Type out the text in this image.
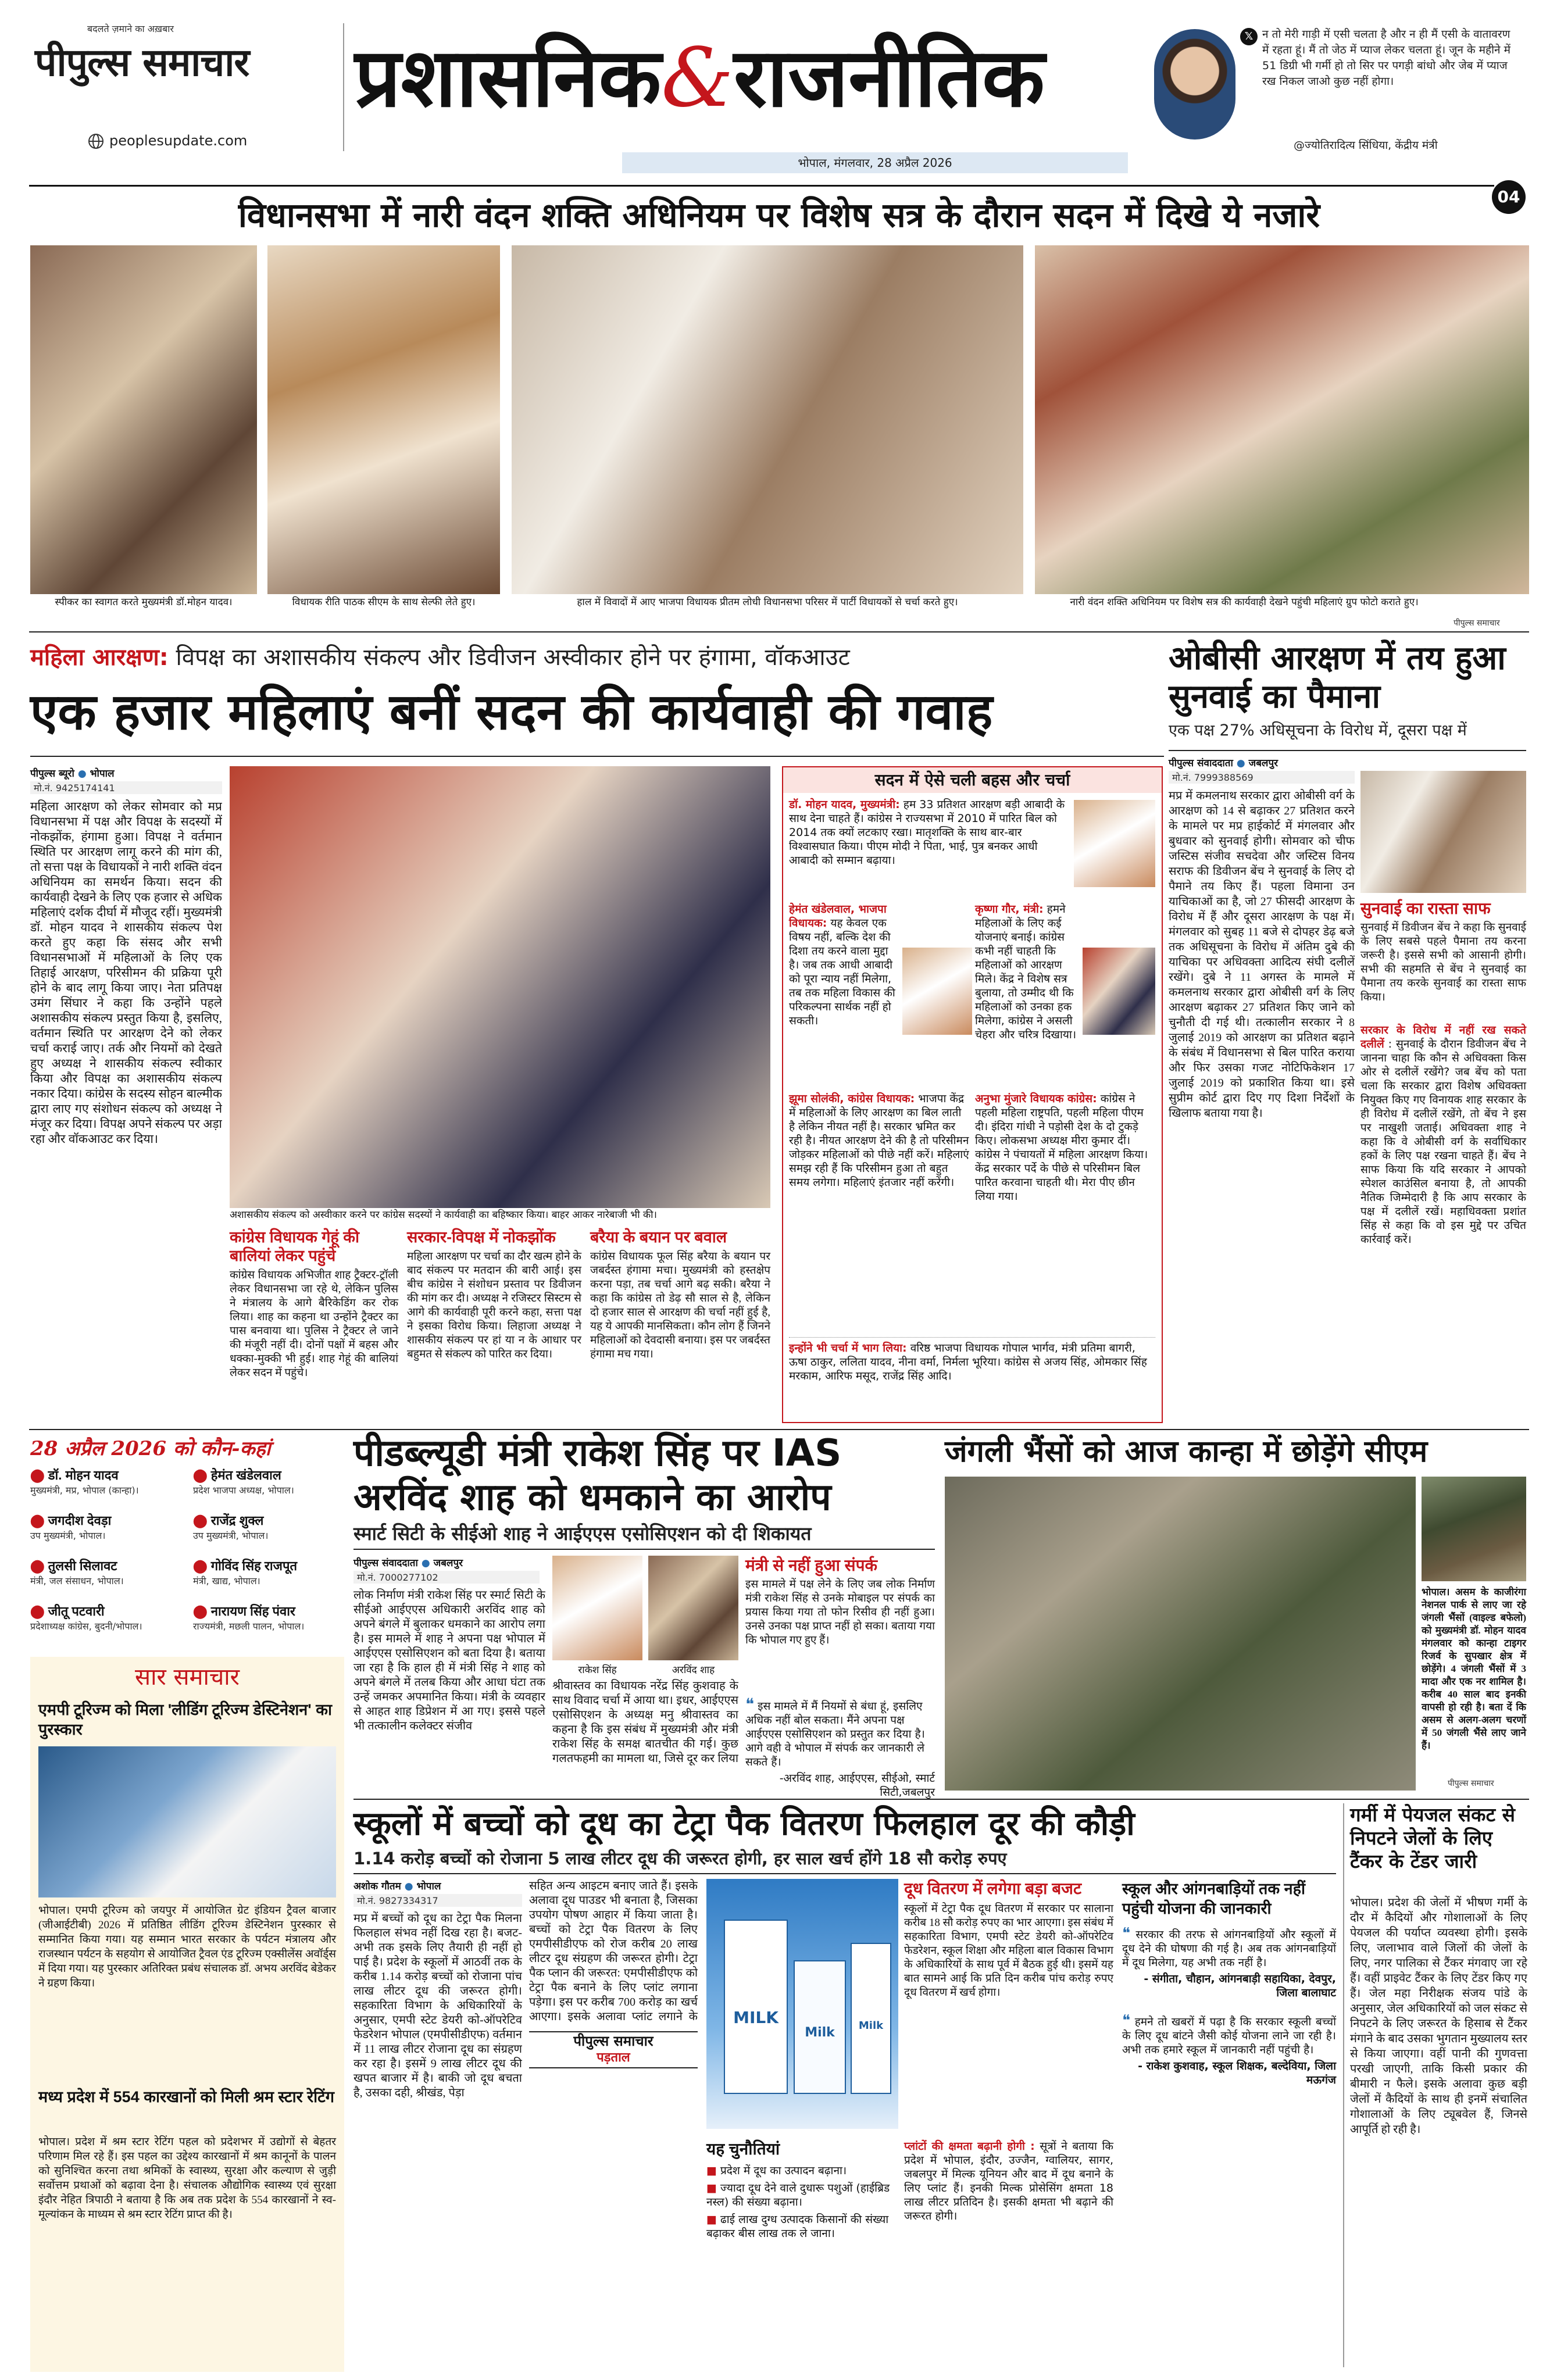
बदलते ज़माने का अख़बार
पीपुल्स समाचार
peoplesupdate.com
प्रशासनिक&राजनीतिक
भोपाल, मंगलवार, 28 अप्रैल 2026
𝕏 न तो मेरी गाड़ी में एसी चलता है और न ही मैं एसी के वातावरण में रहता हूं। मैं तो जेठ में प्याज लेकर चलता हूं। जून के महीने में 51 डिग्री भी गर्मी हो तो सिर पर पगड़ी बांधो और जेब में प्याज रख निकल जाओ कुछ नहीं होगा।
@ज्योतिरादित्य सिंधिया, केंद्रीय मंत्री
04
विधानसभा में नारी वंदन शक्ति अधिनियम पर विशेष सत्र के दौरान सदन में दिखे ये नजारे
स्पीकर का स्वागत करते मुख्यमंत्री डॉ.मोहन यादव।	विधायक रीति पाठक सीएम के साथ सेल्फी लेते हुए।	हाल में विवादों में आए भाजपा विधायक प्रीतम लोधी विधानसभा परिसर में पार्टी विधायकों से चर्चा करते हुए।	नारी वंदन शक्ति अधिनियम पर विशेष सत्र की कार्यवाही देखने पहुंची महिलाएं ग्रुप फोटो कराते हुए।
पीपुल्स समाचार
महिला आरक्षण: विपक्ष का अशासकीय संकल्प और डिवीजन अस्वीकार होने पर हंगामा, वॉकआउट
एक हजार महिलाएं बनीं सदन की कार्यवाही की गवाह
पीपुल्स ब्यूरो ● भोपाल
मो.नं. 9425174141
महिला आरक्षण को लेकर सोमवार को मप्र विधानसभा में पक्ष और विपक्ष के सदस्यों में नोकझोंक, हंगामा हुआ। विपक्ष ने वर्तमान स्थिति पर आरक्षण लागू करने की मांग की, तो सत्ता पक्ष के विधायकों ने नारी शक्ति वंदन अधिनियम का समर्थन किया। सदन की कार्यवाही देखने के लिए एक हजार से अधिक महिलाएं दर्शक दीर्घा में मौजूद रहीं। मुख्यमंत्री डॉ. मोहन यादव ने शासकीय संकल्प पेश करते हुए कहा कि संसद और सभी विधानसभाओं में महिलाओं के लिए एक तिहाई आरक्षण, परिसीमन की प्रक्रिया पूरी होने के बाद लागू किया जाए। नेता प्रतिपक्ष उमंग सिंघार ने कहा कि उन्होंने पहले अशासकीय संकल्प प्रस्तुत किया है, इसलिए, वर्तमान स्थिति पर आरक्षण देने को लेकर चर्चा कराई जाए। तर्क और नियमों को देखते हुए अध्यक्ष ने शासकीय संकल्प स्वीकार किया और विपक्ष का अशासकीय संकल्प नकार दिया। कांग्रेस के सदस्य सोहन बाल्मीक द्वारा लाए गए संशोधन संकल्प को अध्यक्ष ने मंजूर कर दिया। विपक्ष अपने संकल्प पर अड़ा रहा और वॉकआउट कर दिया।
अशासकीय संकल्प को अस्वीकार करने पर कांग्रेस सदस्यों ने कार्यवाही का बहिष्कार किया। बाहर आकर नारेबाजी भी की।
कांग्रेस विधायक गेहूं की बालियां लेकर पहुंचे
कांग्रेस विधायक अभिजीत शाह ट्रैक्टर-ट्रॉली लेकर विधानसभा जा रहे थे, लेकिन पुलिस ने मंत्रालय के आगे बैरिकेडिंग कर रोक लिया। शाह का कहना था उन्होंने ट्रैक्टर का पास बनवाया था। पुलिस ने ट्रैक्टर ले जाने की मंजूरी नहीं दी। दोनों पक्षों में बहस और धक्का-मुक्की भी हुई। शाह गेहूं की बालियां लेकर सदन में पहुंचे।
सरकार-विपक्ष में नोकझोंक
महिला आरक्षण पर चर्चा का दौर खत्म होने के बाद संकल्प पर मतदान की बारी आई। इस बीच कांग्रेस ने संशोधन प्रस्ताव पर डिवीजन की मांग कर दी। अध्यक्ष ने रजिस्टर सिस्टम से आगे की कार्यवाही पूरी करने कहा, सत्ता पक्ष ने इसका विरोध किया। लिहाजा अध्यक्ष ने शासकीय संकल्प पर हां या न के आधार पर बहुमत से संकल्प को पारित कर दिया।
बरैया के बयान पर बवाल
कांग्रेस विधायक फूल सिंह बरैया के बयान पर जबर्दस्त हंगामा मचा। मुख्यमंत्री को हस्तक्षेप करना पड़ा, तब चर्चा आगे बढ़ सकी। बरैया ने कहा कि कांग्रेस तो डेढ़ सौ साल से है, लेकिन दो हजार साल से आरक्षण की चर्चा नहीं हुई है, यह ये आपकी मानसिकता। कौन लोग हैं जिनने महिलाओं को देवदासी बनाया। इस पर जबर्दस्त हंगामा मच गया।
सदन में ऐसे चली बहस और चर्चा
डॉ. मोहन यादव, मुख्यमंत्री: हम 33 प्रतिशत आरक्षण बड़ी आबादी के साथ देना चाहते हैं। कांग्रेस ने राज्यसभा में 2010 में पारित बिल को 2014 तक क्यों लटकाए रखा। मातृशक्ति के साथ बार-बार विश्वासघात किया। पीएम मोदी ने पिता, भाई, पुत्र बनकर आधी आबादी को सम्मान बढ़ाया।
हेमंत खंडेलवाल, भाजपा विधायक: यह केवल एक विषय नहीं, बल्कि देश की दिशा तय करने वाला मुद्दा है। जब तक आधी आबादी को पूरा न्याय नहीं मिलेगा, तब तक महिला विकास की परिकल्पना सार्थक नहीं हो सकती।
कृष्णा गौर, मंत्री: हमने महिलाओं के लिए कई योजनाएं बनाई। कांग्रेस कभी नहीं चाहती कि महिलाओं को आरक्षण मिले। केंद्र ने विशेष सत्र बुलाया, तो उम्मीद थी कि महिलाओं को उनका हक मिलेगा, कांग्रेस ने असली चेहरा और चरित्र दिखाया।
झूमा सोलंकी, कांग्रेस विधायक: भाजपा केंद्र में महिलाओं के लिए आरक्षण का बिल लाती है लेकिन नीयत नहीं है। सरकार भ्रमित कर रही है। नीयत आरक्षण देने की है तो परिसीमन जोड़कर महिलाओं को पीछे नहीं करें। महिलाएं समझ रही हैं कि परिसीमन हुआ तो बहुत समय लगेगा। महिलाएं इंतजार नहीं करेंगी।
अनुभा मुंजारे विधायक कांग्रेस: कांग्रेस ने पहली महिला राष्ट्रपति, पहली महिला पीएम दी। इंदिरा गांधी ने पड़ोसी देश के दो टुकड़े किए। लोकसभा अध्यक्ष मीरा कुमार दीं। कांग्रेस ने पंचायतों में महिला आरक्षण किया। केंद्र सरकार पर्दे के पीछे से परिसीमन बिल पारित करवाना चाहती थी। मेरा पीए छीन लिया गया।
इन्होंने भी चर्चा में भाग लिया: वरिष्ठ भाजपा विधायक गोपाल भार्गव, मंत्री प्रतिमा बागरी, ऊषा ठाकुर, ललिता यादव, नीना वर्मा, निर्मला भूरिया। कांग्रेस से अजय सिंह, ओमकार सिंह मरकाम, आरिफ मसूद, राजेंद्र सिंह आदि।
ओबीसी आरक्षण में तय हुआ सुनवाई का पैमाना
एक पक्ष 27% अधिसूचना के विरोध में, दूसरा पक्ष में
पीपुल्स संवाददाता ● जबलपुर
मो.नं. 7999388569
मप्र में कमलनाथ सरकार द्वारा ओबीसी वर्ग के आरक्षण को 14 से बढ़ाकर 27 प्रतिशत करने के मामले पर मप्र हाईकोर्ट में मंगलवार और बुधवार को सुनवाई होगी। सोमवार को चीफ जस्टिस संजीव सचदेवा और जस्टिस विनय सराफ की डिवीजन बेंच ने सुनवाई के लिए दो पैमाने तय किए हैं। पहला विमाना उन याचिकाओं का है, जो 27 फीसदी आरक्षण के विरोध में हैं और दूसरा आरक्षण के पक्ष में। मंगलवार को सुबह 11 बजे से दोपहर डेढ़ बजे तक अधिसूचना के विरोध में अंतिम दुबे की याचिका पर अधिवक्ता आदित्य संघी दलीलें रखेंगे। दुबे ने 11 अगस्त के मामले में कमलनाथ सरकार द्वारा ओबीसी वर्ग के लिए आरक्षण बढ़ाकर 27 प्रतिशत किए जाने को चुनौती दी गई थी। तत्कालीन सरकार ने 8 जुलाई 2019 को आरक्षण का प्रतिशत बढ़ाने के संबंध में विधानसभा से बिल पारित कराया और फिर उसका गजट नोटिफिकेशन 17 जुलाई 2019 को प्रकाशित किया था। इसे सुप्रीम कोर्ट द्वारा दिए गए दिशा निर्देशों के खिलाफ बताया गया है।
सुनवाई का रास्ता साफ
सुनवाई में डिवीजन बेंच ने कहा कि सुनवाई के लिए सबसे पहले पैमाना तय करना जरूरी है। इससे सभी को आसानी होगी। सभी की सहमति से बेंच ने सुनवाई का पैमाना तय करके सुनवाई का रास्ता साफ किया।
सरकार के विरोध में नहीं रख सकते दलीलें : सुनवाई के दौरान डिवीजन बेंच ने जानना चाहा कि कौन से अधिवक्ता किस ओर से दलीलें रखेंगे? जब बेंच को पता चला कि सरकार द्वारा विशेष अधिवक्ता नियुक्त किए गए विनायक शाह सरकार के ही विरोध में दलीलें रखेंगे, तो बेंच ने इस पर नाखुशी जताई। अधिवक्ता शाह ने कहा कि वे ओबीसी वर्ग के सर्वाधिकार हकों के लिए पक्ष रखना चाहते हैं। बेंच ने साफ किया कि यदि सरकार ने आपको स्पेशल काउंसिल बनाया है, तो आपकी नैतिक जिम्मेदारी है कि आप सरकार के पक्ष में दलीलें रखें। महाधिवक्ता प्रशांत सिंह से कहा कि वो इस मुद्दे पर उचित कार्रवाई करें।
28 अप्रैल 2026 को कौन-कहां
⬤ डॉ. मोहन यादव
मुख्यमंत्री, मप्र, भोपाल (कान्हा)।
⬤ हेमंत खंडेलवाल
प्रदेश भाजपा अध्यक्ष, भोपाल।
⬤ जगदीश देवड़ा
उप मुख्यमंत्री, भोपाल।
⬤ राजेंद्र शुक्ल
उप मुख्यमंत्री, भोपाल।
⬤ तुलसी सिलावट
मंत्री, जल संसाधन, भोपाल।
⬤ गोविंद सिंह राजपूत
मंत्री, खाद्य, भोपाल।
⬤ जीतू पटवारी
प्रदेशाध्यक्ष कांग्रेस, बुदनी/भोपाल।
⬤ नारायण सिंह पंवार
राज्यमंत्री, मछली पालन, भोपाल।
सार समाचार
एमपी टूरिज्म को मिला 'लीडिंग टूरिज्म डेस्टिनेशन' का पुरस्कार
भोपाल। एमपी टूरिज्म को जयपुर में आयोजित ग्रेट इंडियन ट्रैवल बाजार (जीआईटीबी) 2026 में प्रतिष्ठित लीडिंग टूरिज्म डेस्टिनेशन पुरस्कार से सम्मानित किया गया। यह सम्मान भारत सरकार के पर्यटन मंत्रालय और राजस्थान पर्यटन के सहयोग से आयोजित ट्रैवल एंड टूरिज्म एक्सीलेंस अवॉर्ड्स में दिया गया। यह पुरस्कार अतिरिक्त प्रबंध संचालक डॉ. अभय अरविंद बेडेकर ने ग्रहण किया।
मध्य प्रदेश में 554 कारखानों को मिली श्रम स्टार रेटिंग
भोपाल। प्रदेश में श्रम स्टार रेटिंग पहल को प्रदेशभर में उद्योगों से बेहतर परिणाम मिल रहे हैं। इस पहल का उद्देश्य कारखानों में श्रम कानूनों के पालन को सुनिश्चित करना तथा श्रमिकों के स्वास्थ्य, सुरक्षा और कल्याण से जुड़ी सर्वोत्तम प्रथाओं को बढ़ावा देना है। संचालक औद्योगिक स्वास्थ्य एवं सुरक्षा इंदौर नेहित त्रिपाठी ने बताया है कि अब तक प्रदेश के 554 कारखानों ने स्व-मूल्यांकन के माध्यम से श्रम स्टार रेटिंग प्राप्त की है।
पीडब्ल्यूडी मंत्री राकेश सिंह पर IAS
अरविंद शाह को धमकाने का आरोप
स्मार्ट सिटी के सीईओ शाह ने आईएएस एसोसिएशन को दी शिकायत
पीपुल्स संवाददाता ● जबलपुर
मो.नं. 7000277102
लोक निर्माण मंत्री राकेश सिंह पर स्मार्ट सिटी के सीईओ आईएएस अधिकारी अरविंद शाह को अपने बंगले में बुलाकर धमकाने का आरोप लगा है। इस मामले में शाह ने अपना पक्ष भोपाल में आईएएस एसोसिएशन को बता दिया है। बताया जा रहा है कि हाल ही में मंत्री सिंह ने शाह को अपने बंगले में तलब किया और आधा घंटा तक उन्हें जमकर अपमानित किया। मंत्री के व्यवहार से आहत शाह डिप्रेशन में आ गए। इससे पहले भी तत्कालीन कलेक्टर संजीव
राकेश सिंह	अरविंद शाह
श्रीवास्तव का विधायक नरेंद्र सिंह कुशवाह के साथ विवाद चर्चा में आया था। इधर, आईएएस एसोसिएशन के अध्यक्ष मनु श्रीवास्तव का कहना है कि इस संबंध में मुख्यमंत्री और मंत्री राकेश सिंह के समक्ष बातचीत की गई। कुछ गलतफहमी का मामला था, जिसे दूर कर लिया
मंत्री से नहीं हुआ संपर्क
इस मामले में पक्ष लेने के लिए जब लोक निर्माण मंत्री राकेश सिंह से उनके मोबाइल पर संपर्क का प्रयास किया गया तो फोन रिसीव ही नहीं हुआ। उनसे उनका पक्ष प्राप्त नहीं हो सका। बताया गया कि भोपाल गए हुए हैं।
❝ इस मामले में मैं नियमों से बंधा हूं, इसलिए अधिक नहीं बोल सकता। मैंने अपना पक्ष आईएएस एसोसिएशन को प्रस्तुत कर दिया है। आगे वही वे भोपाल में संपर्क कर जानकारी ले सकते हैं।
-अरविंद शाह, आईएएस, सीईओ, स्मार्ट सिटी,जबलपुर
जंगली भैंसों को आज कान्हा में छोड़ेंगे सीएम
भोपाल। असम के काजीरंगा नेशनल पार्क से लाए जा रहे जंगली भैंसों (वाइल्ड बफेलो) को मुख्यमंत्री डॉ. मोहन यादव मंगलवार को कान्हा टाइगर रिजर्व के सुपखार क्षेत्र में छोड़ेंगे। 4 जंगली भैंसों में 3 मादा और एक नर शामिल है। करीब 40 साल बाद इनकी वापसी हो रही है। बता दें कि असम से अलग-अलग चरणों में 50 जंगली भैंसे लाए जाने हैं।
पीपुल्स समाचार
स्कूलों में बच्चों को दूध का टेट्रा पैक वितरण फिलहाल दूर की कौड़ी
1.14 करोड़ बच्चों को रोजाना 5 लाख लीटर दूध की जरूरत होगी, हर साल खर्च होंगे 18 सौ करोड़ रुपए
अशोक गौतम ● भोपाल
मो.नं. 9827334317
मप्र में बच्चों को दूध का टेट्रा पैक मिलना फिलहाल संभव नहीं दिख रहा है। बजट-अभी तक इसके लिए तैयारी ही नहीं हो पाई है। प्रदेश के स्कूलों में आठवीं तक के करीब 1.14 करोड़ बच्चों को रोजाना पांच लाख लीटर दूध की जरूरत होगी। सहकारिता विभाग के अधिकारियों के अनुसार, एमपी स्टेट डेयरी को-ऑपरेटिव फेडरेशन भोपाल (एमपीसीडीएफ) वर्तमान में 11 लाख लीटर रोजाना दूध का संग्रहण कर रहा है। इसमें 9 लाख लीटर दूध की खपत बाजार में है। बाकी जो दूध बचता है, उसका दही, श्रीखंड, पेड़ा
पीपुल्स समाचार
पड़ताल
सहित अन्य आइटम बनाए जाते हैं। इसके अलावा दूध पाउडर भी बनाता है, जिसका उपयोग पोषण आहार में किया जाता है। बच्चों को टेट्रा पैक वितरण के लिए एमपीसीडीएफ को रोज करीब 20 लाख लीटर दूध संग्रहण की जरूरत होगी। टेट्रा पैक प्लान की जरूरत: एमपीसीडीएफ को टेट्रा पैक बनाने के लिए प्लांट लगाना पड़ेगा। इस पर करीब 700 करोड़ का खर्च आएगा। इसके अलावा प्लांट लगाने के	MILK
Milk	Milk
दूध वितरण में लगेगा बड़ा बजट
स्कूलों में टेट्रा पैक दूध वितरण में सरकार पर सालाना करीब 18 सौ करोड़ रुपए का भार आएगा। इस संबंध में सहकारिता विभाग, एमपी स्टेट डेयरी को-ऑपरेटिव फेडरेशन, स्कूल शिक्षा और महिला बाल विकास विभाग के अधिकारियों के साथ पूर्व में बैठक हुई थी। इसमें यह बात सामने आई कि प्रति दिन करीब पांच करोड़ रुपए दूध वितरण में खर्च होगा।
यह चुनौतियां
■ प्रदेश में दूध का उत्पादन बढ़ाना।
■ ज्यादा दूध देने वाले दुधारू पशुओं (हाईब्रिड नस्ल) की संख्या बढ़ाना।
■ ढाई लाख दुग्ध उत्पादक किसानों की संख्या बढ़ाकर बीस लाख तक ले जाना।
प्लांटों की क्षमता बढ़ानी होगी : सूत्रों ने बताया कि प्रदेश में भोपाल, इंदौर, उज्जैन, ग्वालियर, सागर, जबलपुर में मिल्क यूनियन और बाद में दूध बनाने के लिए प्लांट हैं। इनकी मिल्क प्रोसेसिंग क्षमता 18 लाख लीटर प्रतिदिन है। इसकी क्षमता भी बढ़ाने की जरूरत होगी।
स्कूल और आंगनबाड़ियों तक नहीं पहुंची योजना की जानकारी
❝ सरकार की तरफ से आंगनबाड़ियों और स्कूलों में दूध देने की घोषणा की गई है। अब तक आंगनबाड़ियों में दूध मिलेगा, यह अभी तक नहीं है।
- संगीता, चौहान, आंगनबाड़ी सहायिका, देवपुर, जिला बालाघाट
❝ हमने तो खबरों में पढ़ा है कि सरकार स्कूली बच्चों के लिए दूध बांटने जैसी कोई योजना लाने जा रही है। अभी तक हमारे स्कूल में जानकारी नहीं पहुंची है।
- राकेश कुशवाह, स्कूल शिक्षक, बल्देविया, जिला मऊगंज
गर्मी में पेयजल संकट से निपटने जेलों के लिए टैंकर के टेंडर जारी
भोपाल। प्रदेश की जेलों में भीषण गर्मी के दौर में कैदियों और गोशालाओं के लिए पेयजल की पर्याप्त व्यवस्था होगी। इसके लिए, जलाभाव वाले जिलों की जेलों के लिए, नगर पालिका से टैंकर मंगवाए जा रहे हैं। वहीं प्राइवेट टैंकर के लिए टेंडर किए गए हैं। जेल महा निरीक्षक संजय पांडे के अनुसार, जेल अधिकारियों को जल संकट से निपटने के लिए जरूरत के हिसाब से टैंकर मंगाने के बाद उसका भुगतान मुख्यालय स्तर से किया जाएगा। वहीं पानी की गुणवत्ता परखी जाएगी, ताकि किसी प्रकार की बीमारी न फैले। इसके अलावा कुछ बड़ी जेलों में कैदियों के साथ ही इनमें संचालित गोशालाओं के लिए ट्यूबवेल हैं, जिनसे आपूर्ति हो रही है।
